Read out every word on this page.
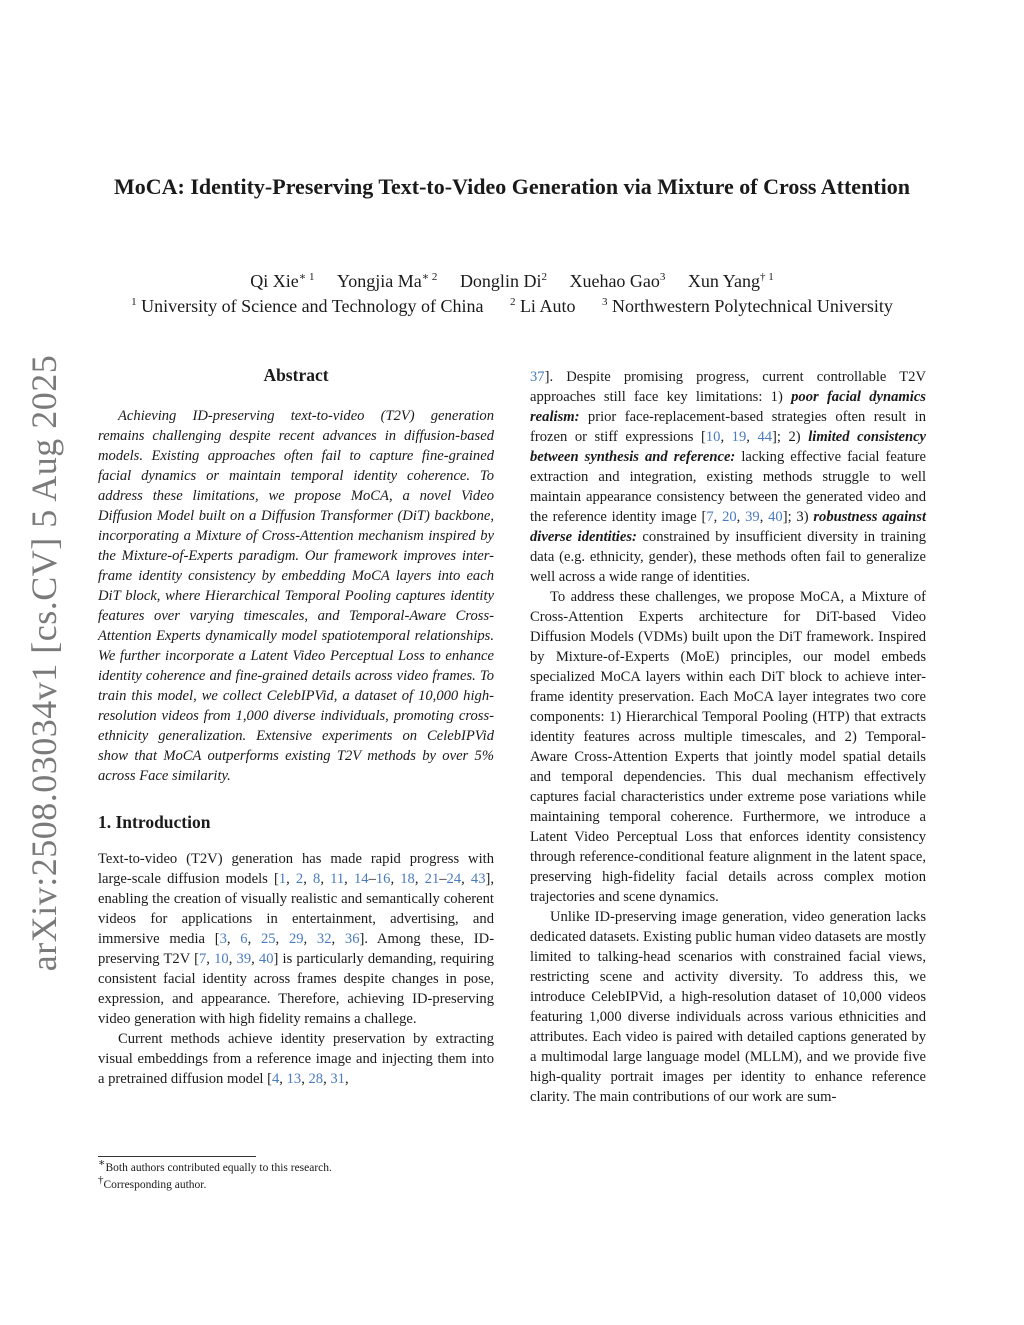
arXiv:2508.03034v1 [cs.CV] 5 Aug 2025
MoCA: Identity-Preserving Text-to-Video Generation via Mixture of Cross Attention
Qi Xie$^{∗ 1}$ Yongjia $Ma^{∗ 2}$ Donglin Di$^2$ Xuehao Gao$^3$ Xun Yang$^{\dagger 1}$
$^1$ University of Science and Technology of China $^2$ Li Auto $^3$ Northwestern Polytechnical University
Abstract

Achieving ID-preserving text-to-video (T2V) generation remains challenging despite recent advances in diffusion-based models. Existing approaches often fail to capture fine-grained facial dynamics or maintain temporal identity coherence. To address these limitations, we propose MoCA, a novel Video Diffusion Model built on a Diffusion Transformer (DiT) backbone, incorporating a Mixture of Cross-Attention mechanism inspired by the Mixture-of-Experts paradigm. Our framework improves inter-frame identity consistency by embedding MoCA layers into each DiT block, where Hierarchical Temporal Pooling captures identity features over varying timescales, and Temporal-Aware Cross-Attention Experts dynamically model spatiotemporal relationships. We further incorporate a Latent Video Perceptual Loss to enhance identity coherence and fine-grained details across video frames. To train this model, we collect CelebIPVid, a dataset of 10,000 high-resolution videos from 1,000 diverse individuals, promoting cross-ethnicity generalization. Extensive experiments on CelebIPVid show that MoCA outperforms existing T2V methods by over 5% across Face similarity.

1. Introduction

Text-to-video (T2V) generation has made rapid progress with large-scale diffusion models [1, 2, 8, 11, 14–16, 18, 21–24, 43], enabling the creation of visually realistic and semantically coherent videos for applications in entertainment, advertising, and immersive media [3, 6, 25, 29, 32, 36]. Among these, ID-preserving T2V [7, 10, 39, 40] is particularly demanding, requiring consistent facial identity across frames despite changes in pose, expression, and appearance. Therefore, achieving ID-preserving video generation with high fidelity remains a challege.

Current methods achieve identity preservation by extracting visual embeddings from a reference image and injecting them into a pretrained diffusion model [4, 13, 28, 31,

∗Both authors contributed equally to this research.
†Corresponding author.

37]. Despite promising progress, current controllable T2V approaches still face key limitations: 1) poor facial dynamics realism: prior face-replacement-based strategies often result in frozen or stiff expressions [10, 19, 44]; 2) limited consistency between synthesis and reference: lacking effective facial feature extraction and integration, existing methods struggle to well maintain appearance consistency between the generated video and the reference identity image [7, 20, 39, 40]; 3) robustness against diverse identities: constrained by insufficient diversity in training data (e.g. ethnicity, gender), these methods often fail to generalize well across a wide range of identities.

To address these challenges, we propose MoCA, a Mixture of Cross-Attention Experts architecture for DiT-based Video Diffusion Models (VDMs) built upon the DiT framework. Inspired by Mixture-of-Experts (MoE) principles, our model embeds specialized MoCA layers within each DiT block to achieve inter-frame identity preservation. Each MoCA layer integrates two core components: 1) Hierarchical Temporal Pooling (HTP) that extracts identity features across multiple timescales, and 2) Temporal-Aware Cross-Attention Experts that jointly model spatial details and temporal dependencies. This dual mechanism effectively captures facial characteristics under extreme pose variations while maintaining temporal coherence. Furthermore, we introduce a Latent Video Perceptual Loss that enforces identity consistency through reference-conditional feature alignment in the latent space, preserving high-fidelity facial details across complex motion trajectories and scene dynamics.

Unlike ID-preserving image generation, video generation lacks dedicated datasets. Existing public human video datasets are mostly limited to talking-head scenarios with constrained facial views, restricting scene and activity diversity. To address this, we introduce CelebIPVid, a high-resolution dataset of 10,000 videos featuring 1,000 diverse individuals across various ethnicities and attributes. Each video is paired with detailed captions generated by a multimodal large language model (MLLM), and we provide five high-quality portrait images per identity to enhance reference clarity. The main contributions of our work are sum-
